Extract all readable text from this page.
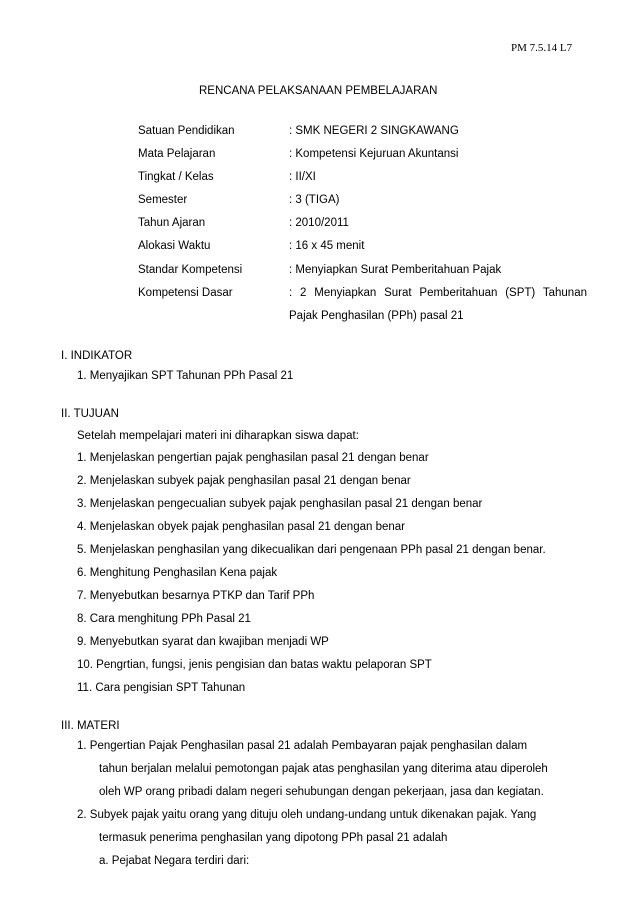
PM 7.5.14 L7
RENCANA PELAKSANAAN PEMBELAJARAN
Satuan Pendidikan	: SMK NEGERI 2 SINGKAWANG
Mata Pelajaran	: Kompetensi Kejuruan Akuntansi
Tingkat / Kelas	: II/XI
Semester	: 3 (TIGA)
Tahun Ajaran	: 2010/2011
Alokasi Waktu	: 16 x 45 menit
Standar Kompetensi	: Menyiapkan Surat Pemberitahuan Pajak
Kompetensi Dasar	: 2 Menyiapkan Surat Pemberitahuan (SPT) Tahunan
Pajak Penghasilan (PPh) pasal 21
I. INDIKATOR
1. Menyajikan SPT Tahunan PPh Pasal 21
II. TUJUAN
Setelah mempelajari materi ini diharapkan siswa dapat:
1. Menjelaskan pengertian pajak penghasilan pasal 21 dengan benar
2. Menjelaskan subyek pajak penghasilan pasal 21 dengan benar
3. Menjelaskan pengecualian subyek pajak penghasilan pasal 21 dengan benar
4. Menjelaskan obyek pajak penghasilan pasal 21 dengan benar
5. Menjelaskan penghasilan yang dikecualikan dari pengenaan PPh pasal 21 dengan benar.
6. Menghitung Penghasilan Kena pajak
7. Menyebutkan besarnya PTKP dan Tarif PPh
8. Cara menghitung PPh Pasal 21
9. Menyebutkan syarat dan kwajiban menjadi WP
10. Pengrtian, fungsi, jenis pengisian dan batas waktu pelaporan SPT
11. Cara pengisian SPT Tahunan
III. MATERI
1. Pengertian Pajak Penghasilan pasal 21 adalah Pembayaran pajak penghasilan dalam
tahun berjalan melalui pemotongan pajak atas penghasilan yang diterima atau diperoleh
oleh WP orang pribadi dalam negeri sehubungan dengan pekerjaan, jasa dan kegiatan.
2. Subyek pajak yaitu orang yang dituju oleh undang-undang untuk dikenakan pajak. Yang
termasuk penerima penghasilan yang dipotong PPh pasal 21 adalah
a. Pejabat Negara terdiri dari:
